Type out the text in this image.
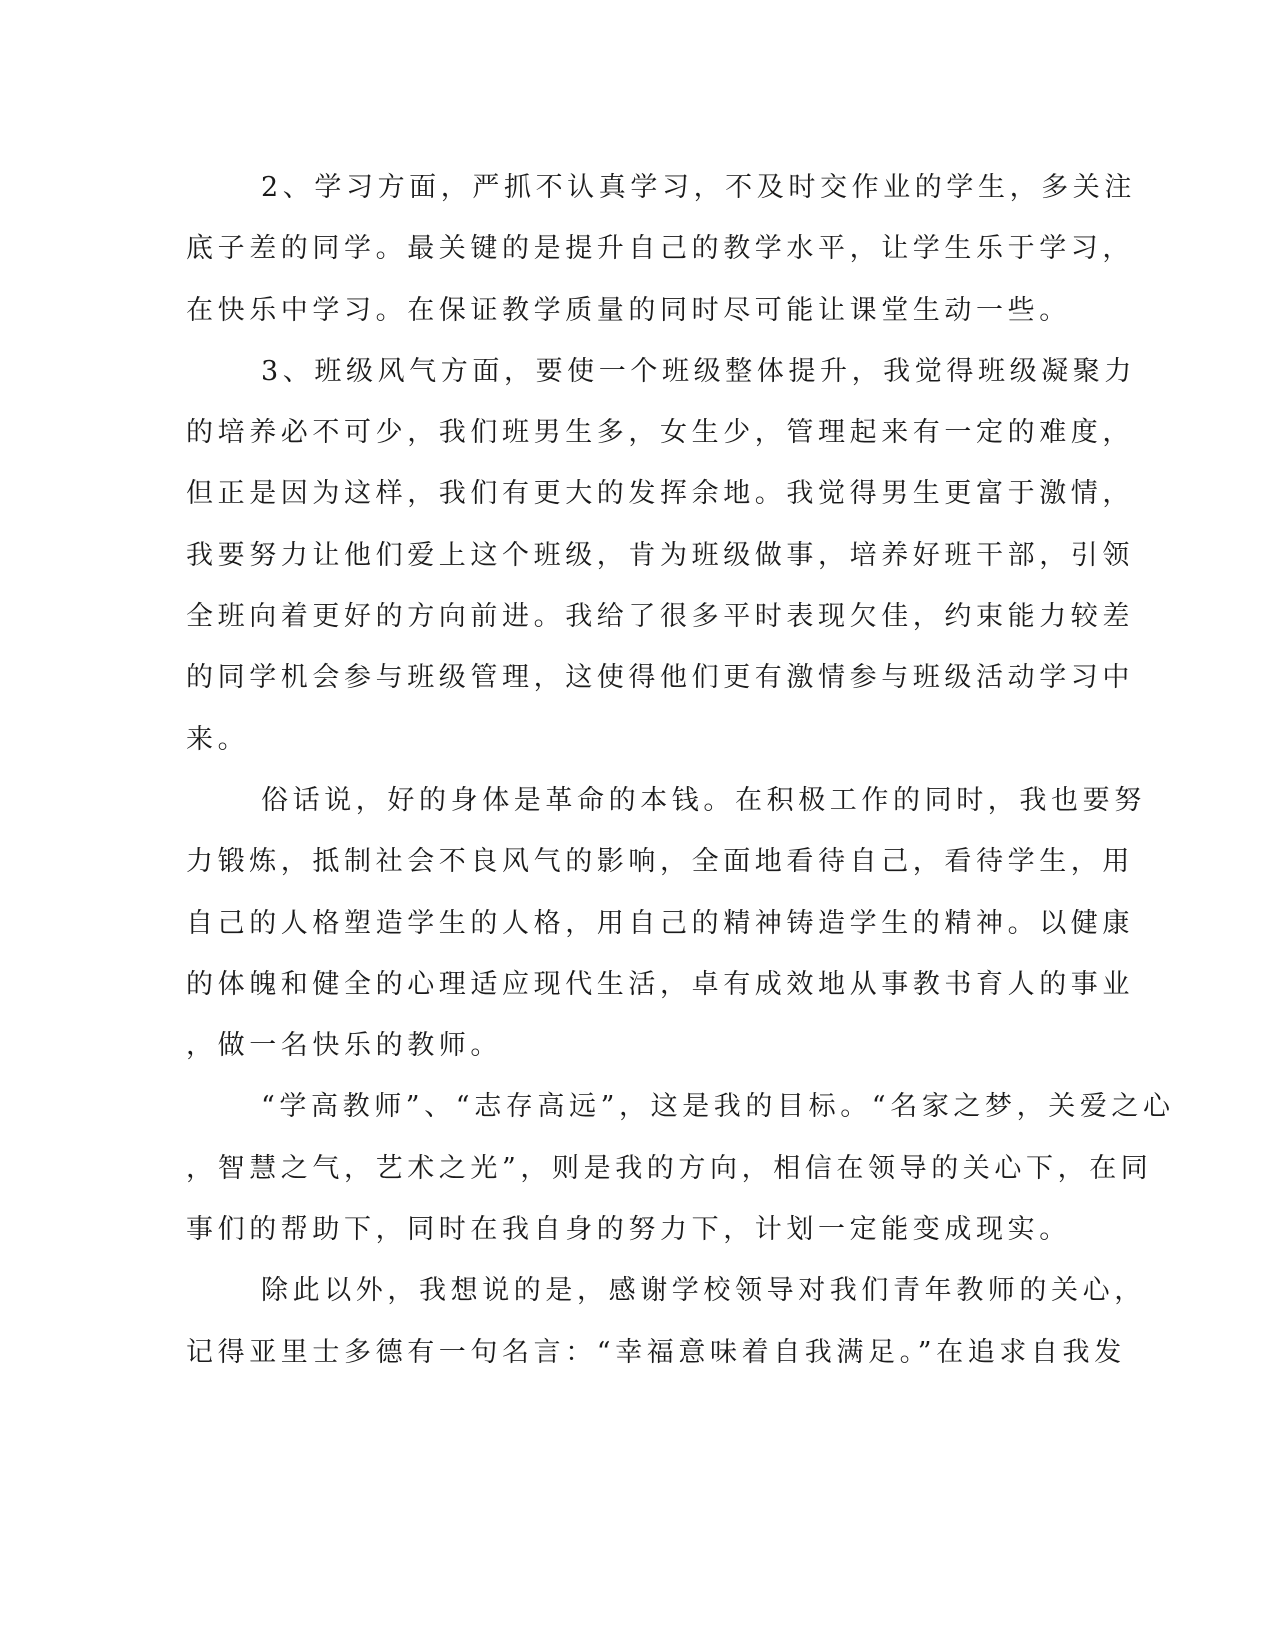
2、学习方面，严抓不认真学习，不及时交作业的学生，多关注
底子差的同学。最关键的是提升自己的教学水平，让学生乐于学习，
在快乐中学习。在保证教学质量的同时尽可能让课堂生动一些。
3、班级风气方面，要使一个班级整体提升，我觉得班级凝聚力
的培养必不可少，我们班男生多，女生少，管理起来有一定的难度，
但正是因为这样，我们有更大的发挥余地。我觉得男生更富于激情，
我要努力让他们爱上这个班级，肯为班级做事，培养好班干部，引领
全班向着更好的方向前进。我给了很多平时表现欠佳，约束能力较差
的同学机会参与班级管理，这使得他们更有激情参与班级活动学习中
来。
俗话说，好的身体是革命的本钱。在积极工作的同时，我也要努
力锻炼，抵制社会不良风气的影响，全面地看待自己，看待学生，用
自己的人格塑造学生的人格，用自己的精神铸造学生的精神。以健康
的体魄和健全的心理适应现代生活，卓有成效地从事教书育人的事业
，做一名快乐的教师。
“学高教师”、“志存高远”，这是我的目标。“名家之梦，关爱之心
，智慧之气，艺术之光”，则是我的方向，相信在领导的关心下，在同
事们的帮助下，同时在我自身的努力下，计划一定能变成现实。
除此以外，我想说的是，感谢学校领导对我们青年教师的关心，
记得亚里士多德有一句名言：“幸福意味着自我满足。”在追求自我发
